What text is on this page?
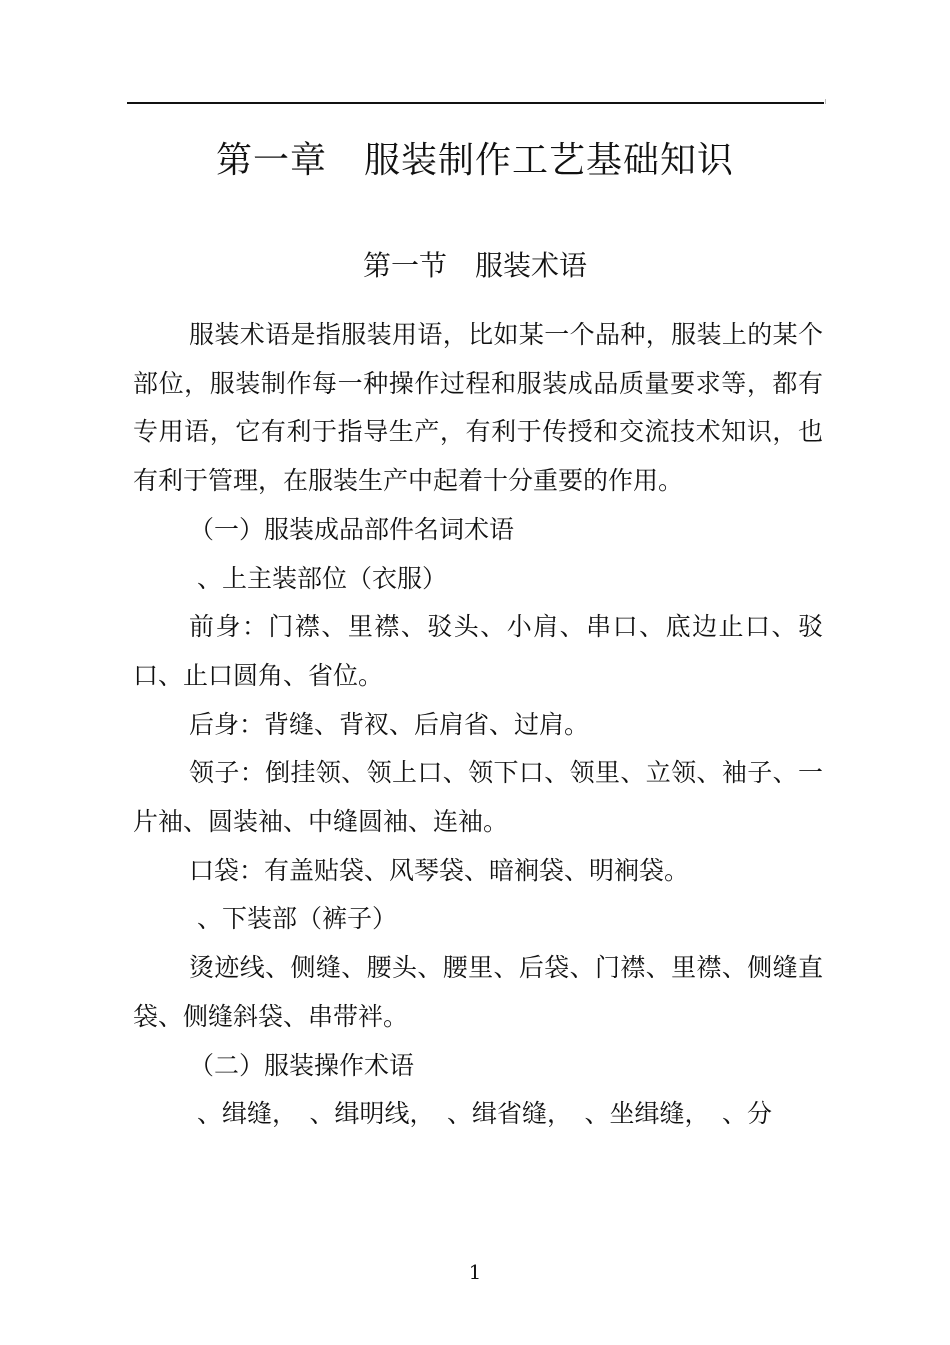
第一章　服装制作工艺基础知识
第一节　服装术语

服装术语是指服装用语，比如某一个品种，服装上的某个部位，服装制作每一种操作过程和服装成品质量要求等，都有专用语，它有利于指导生产，有利于传授和交流技术知识，也有利于管理，在服装生产中起着十分重要的作用。

（一）服装成品部件名词术语

、上主装部位（衣服）

前身：门襟、里襟、驳头、小肩、串口、底边止口、驳口、止口圆角、省位。

后身：背缝、背衩、后肩省、过肩。

领子：倒挂领、领上口、领下口、领里、立领、袖子、一片袖、圆装袖、中缝圆袖、连袖。

口袋：有盖贴袋、风琴袋、暗裥袋、明裥袋。

、下装部（裤子）

烫迹线、侧缝、腰头、腰里、后袋、门襟、里襟、侧缝直袋、侧缝斜袋、串带袢。

（二）服装操作术语

、缉缝，　、缉明线，　、缉省缝，　、坐缉缝，　、分

1
